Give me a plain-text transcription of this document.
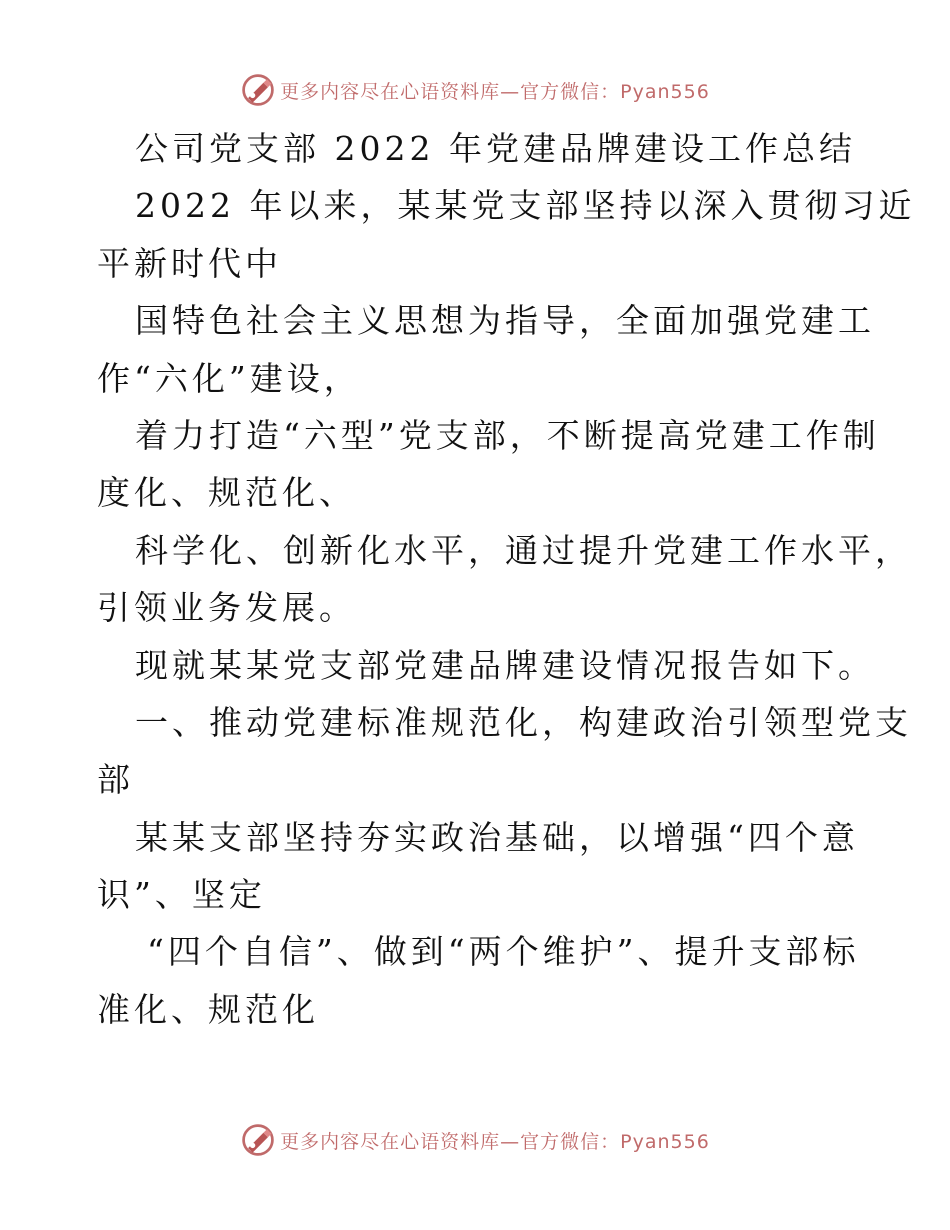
更多内容尽在心语资料库—官方微信：Pyan556
公司党支部 2022 年党建品牌建设工作总结
2022 年以来，某某党支部坚持以深入贯彻习近
平新时代中
国特色社会主义思想为指导，全面加强党建工
作“六化”建设，
着力打造“六型”党支部，不断提高党建工作制
度化、规范化、
科学化、创新化水平，通过提升党建工作水平，
引领业务发展。
现就某某党支部党建品牌建设情况报告如下。
一、推动党建标准规范化，构建政治引领型党支
部
某某支部坚持夯实政治基础，以增强“四个意
识”、坚定
“四个自信”、做到“两个维护”、提升支部标
准化、规范化
更多内容尽在心语资料库—官方微信：Pyan556
